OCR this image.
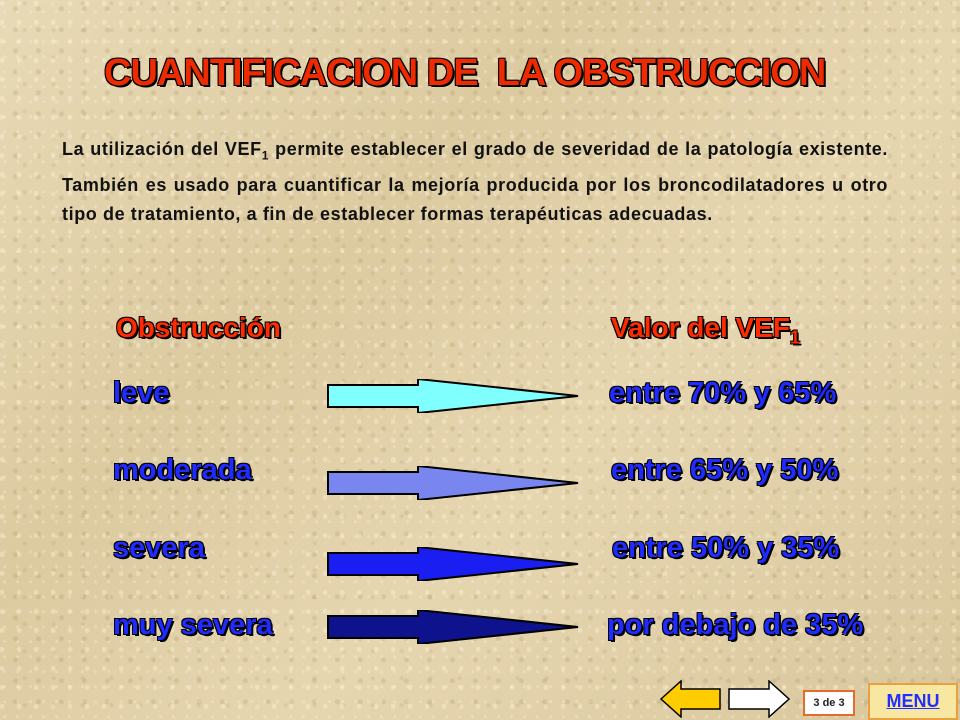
CUANTIFICACION DE  LA OBSTRUCCION
La utilización del $VEF_1$ permite establecer el grado de severidad de la patología existente. También es usado para cuantificar la mejoría producida por los broncodilatadores u otro tipo de tratamiento, a fin de establecer formas terapéuticas adecuadas.
Obstrucción	Valor del $VEF_1$
leve	entre 70% y 65%
moderada	entre 65% y 50%
severa	entre 50% y 35%
muy severa	por debajo de 35%
3 de 3	MENU
